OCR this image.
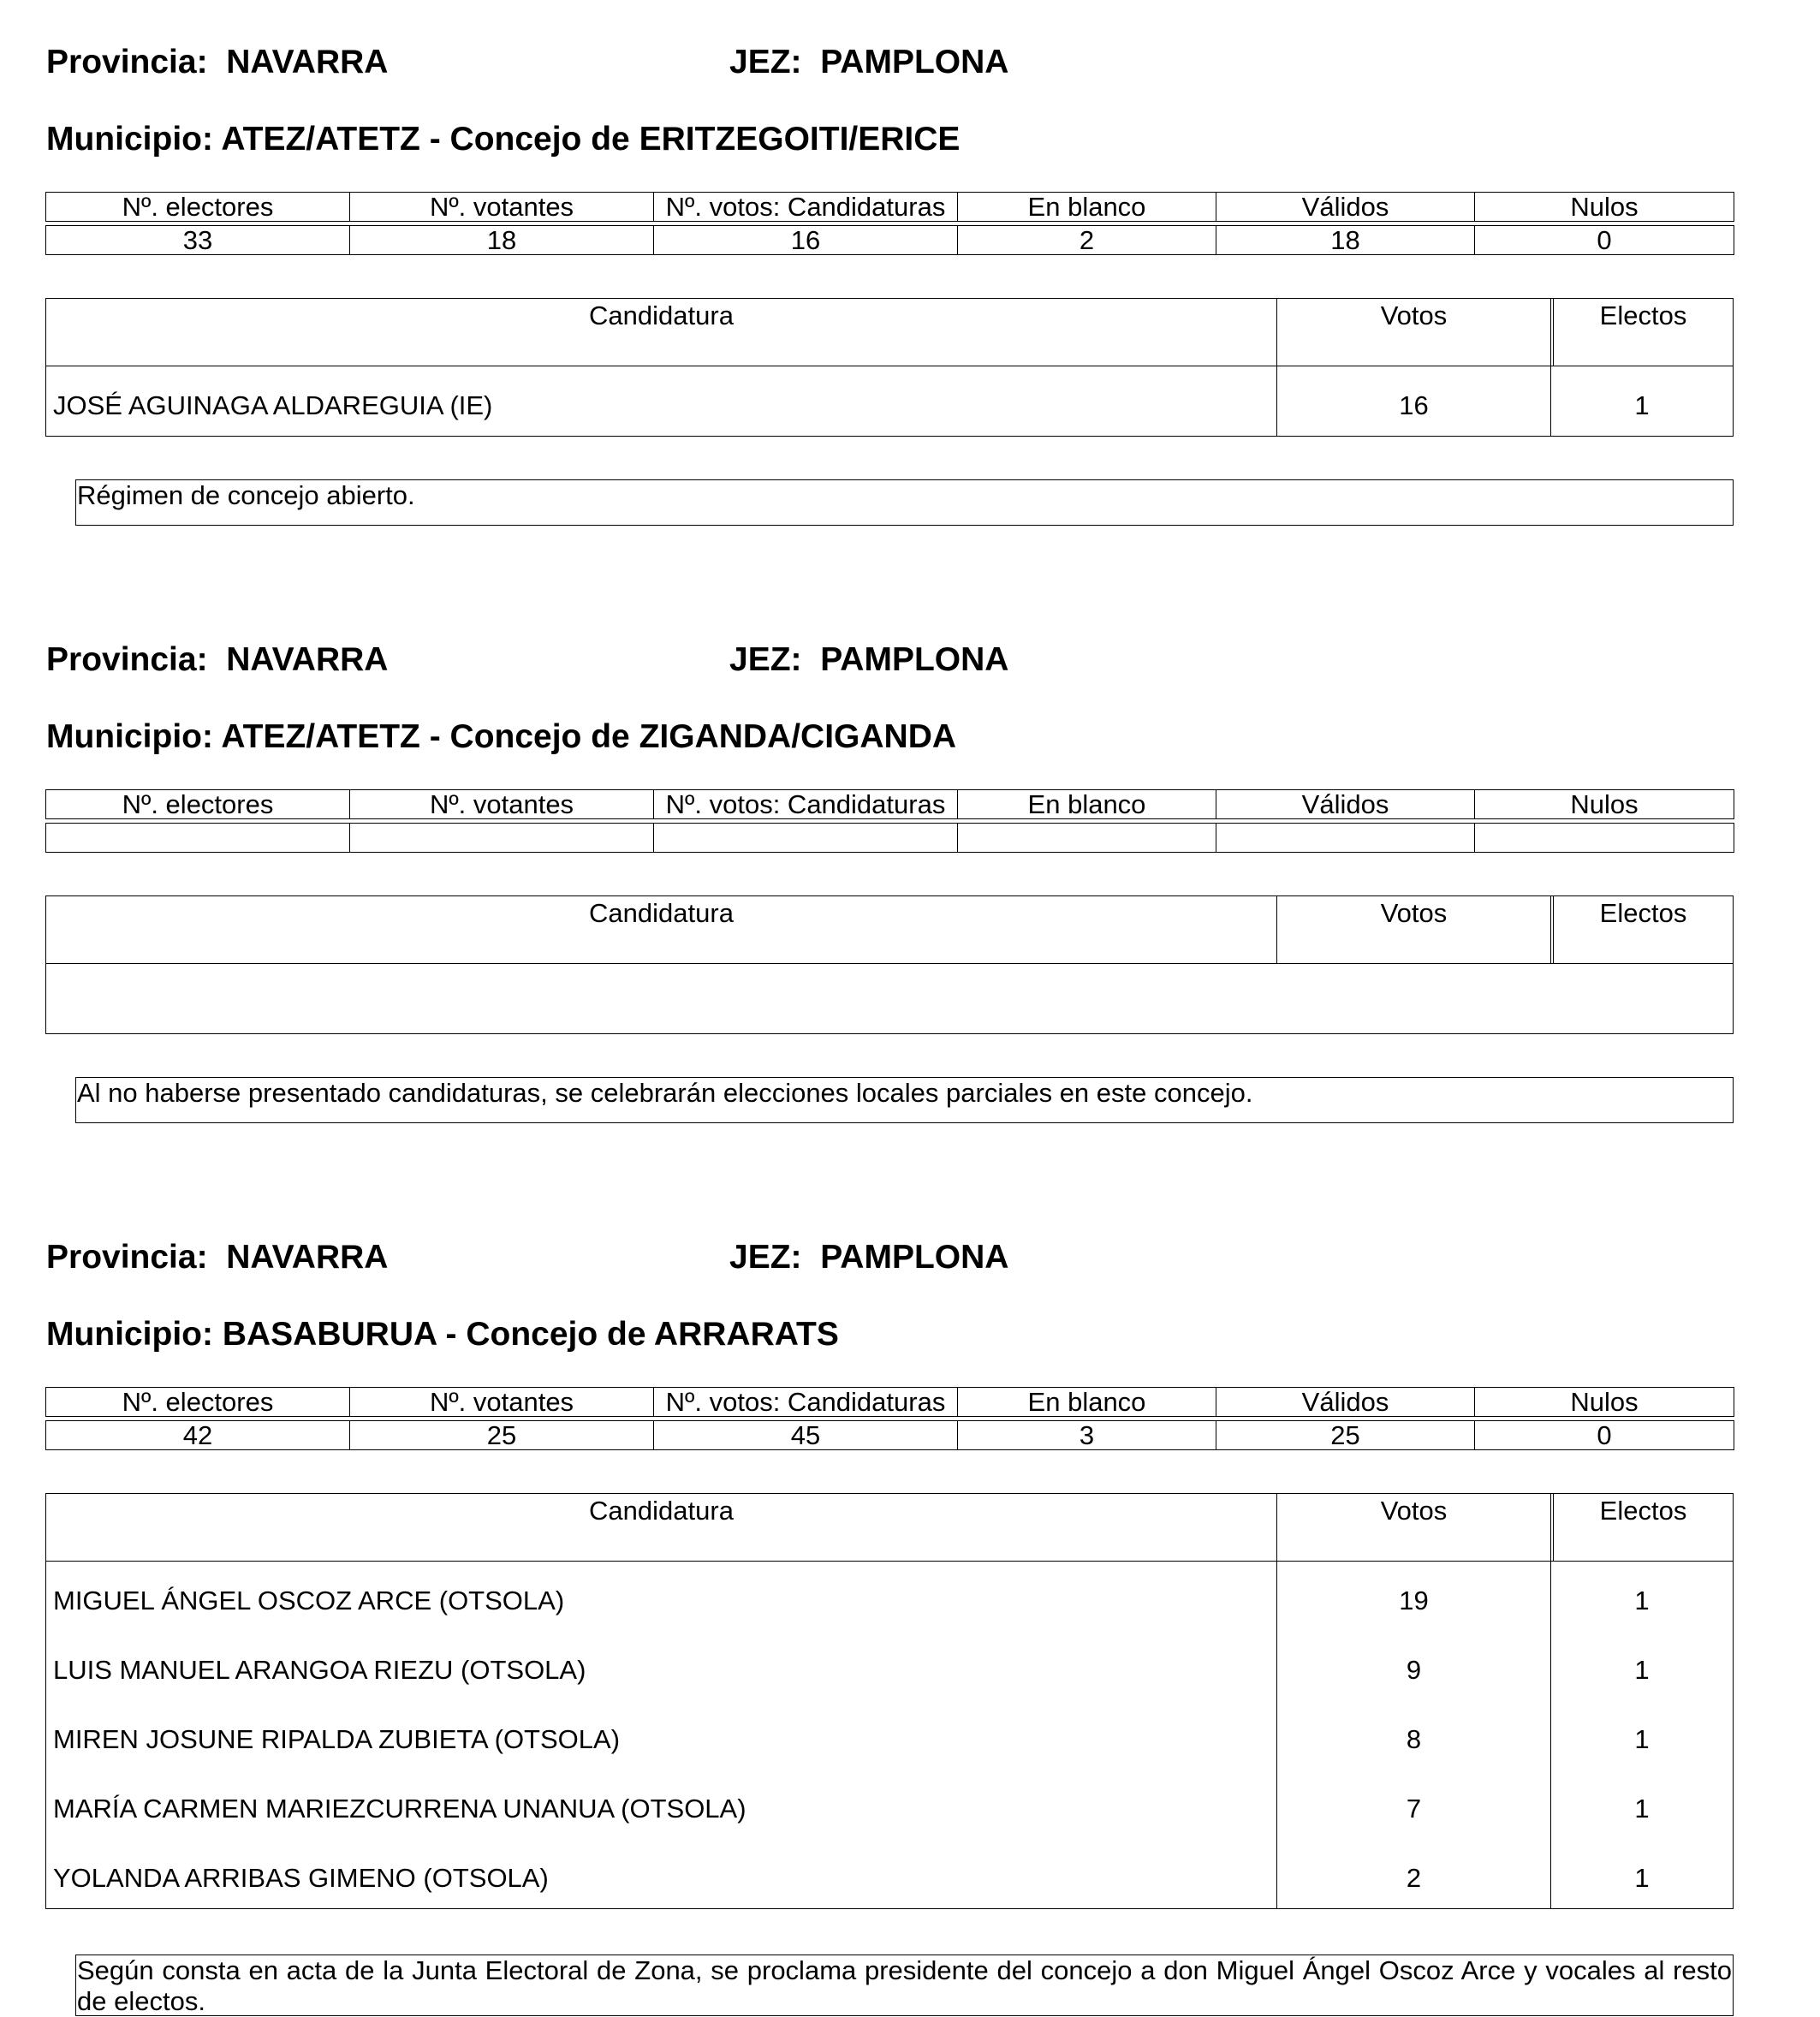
Provincia: NAVARRA	JEZ: PAMPLONA
Municipio: ATEZ/ATETZ - Concejo de ERITZEGOITI/ERICE
Nº. electores	Nº. votantes	Nº. votos: Candidaturas	En blanco	Válidos	Nulos

33	18	16	2	18	0
Candidatura	Votos	Electos
JOSÉ AGUINAGA ALDAREGUIA (IE)	16	1
Régimen de concejo abierto.
Provincia: NAVARRA	JEZ: PAMPLONA
Municipio: ATEZ/ATETZ - Concejo de ZIGANDA/CIGANDA
Nº. electores	Nº. votantes	Nº. votos: Candidaturas	En blanco	Válidos	Nulos

Candidatura	Votos	Electos
Al no haberse presentado candidaturas, se celebrarán elecciones locales parciales en este concejo.
Provincia: NAVARRA	JEZ: PAMPLONA
Municipio: BASABURUA - Concejo de ARRARATS
Nº. electores	Nº. votantes	Nº. votos: Candidaturas	En blanco	Válidos	Nulos

42	25	45	3	25	0
Candidatura	Votos	Electos
MIGUEL ÁNGEL OSCOZ ARCE (OTSOLA)	19	1
LUIS MANUEL ARANGOA RIEZU (OTSOLA)	9	1
MIREN JOSUNE RIPALDA ZUBIETA (OTSOLA)	8	1
MARÍA CARMEN MARIEZCURRENA UNANUA (OTSOLA)	7	1
YOLANDA ARRIBAS GIMENO (OTSOLA)	2	1
Según consta en acta de la Junta Electoral de Zona, se proclama presidente del concejo a don Miguel Ángel Oscoz Arce y vocales al resto de electos.
